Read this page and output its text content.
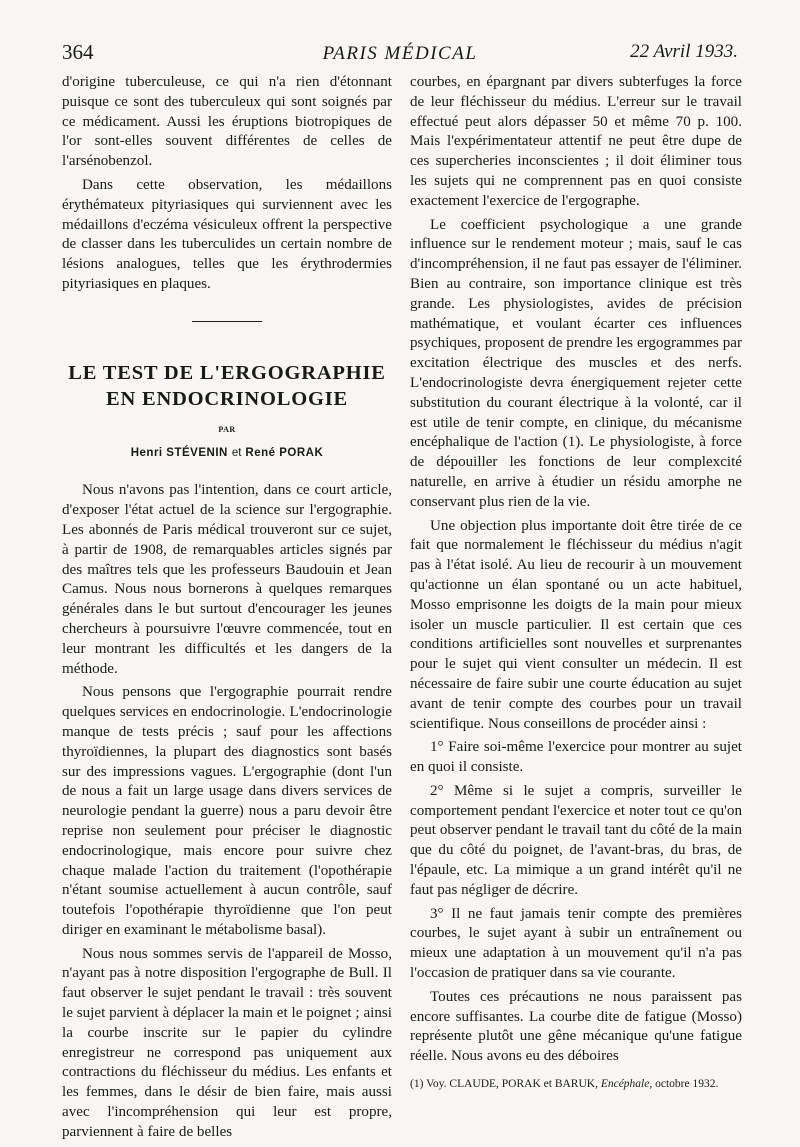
364	PARIS MÉDICAL	22 Avril 1933.

d'origine tuberculeuse, ce qui n'a rien d'étonnant puisque ce sont des tuberculeux qui sont soignés par ce médicament. Aussi les éruptions biotropiques de l'or sont-elles souvent différentes de celles de l'arsénobenzol.

Dans cette observation, les médaillons érythémateux pityriasiques qui surviennent avec les médaillons d'eczéma vésiculeux offrent la perspective de classer dans les tuberculides un certain nombre de lésions analogues, telles que les érythrodermies pityriasiques en plaques.

LE TEST DE L'ERGOGRAPHIE
EN ENDOCRINOLOGIE
PAR
Henri STÉVENIN et René PORAK

Nous n'avons pas l'intention, dans ce court article, d'exposer l'état actuel de la science sur l'ergographie. Les abonnés de Paris médical trouveront sur ce sujet, à partir de 1908, de remarquables articles signés par des maîtres tels que les professeurs Baudouin et Jean Camus. Nous nous bornerons à quelques remarques générales dans le but surtout d'encourager les jeunes chercheurs à poursuivre l'œuvre commencée, tout en leur montrant les difficultés et les dangers de la méthode.

Nous pensons que l'ergographie pourrait rendre quelques services en endocrinologie. L'endocrinologie manque de tests précis ; sauf pour les affections thyroïdiennes, la plupart des diagnostics sont basés sur des impressions vagues. L'ergographie (dont l'un de nous a fait un large usage dans divers services de neurologie pendant la guerre) nous a paru devoir être reprise non seulement pour préciser le diagnostic endocrinologique, mais encore pour suivre chez chaque malade l'action du traitement (l'opothérapie n'étant soumise actuellement à aucun contrôle, sauf toutefois l'opothérapie thyroïdienne que l'on peut diriger en examinant le métabolisme basal).

Nous nous sommes servis de l'appareil de Mosso, n'ayant pas à notre disposition l'ergographe de Bull. Il faut observer le sujet pendant le travail : très souvent le sujet parvient à déplacer la main et le poignet ; ainsi la courbe inscrite sur le papier du cylindre enregistreur ne correspond pas uniquement aux contractions du fléchisseur du médius. Les enfants et les femmes, dans le désir de bien faire, mais aussi avec l'incompréhension qui leur est propre, parviennent à faire de belles

courbes, en épargnant par divers subterfuges la force de leur fléchisseur du médius. L'erreur sur le travail effectué peut alors dépasser 50 et même 70 p. 100. Mais l'expérimentateur attentif ne peut être dupe de ces supercheries inconscientes ; il doit éliminer tous les sujets qui ne comprennent pas en quoi consiste exactement l'exercice de l'ergographe.

Le coefficient psychologique a une grande influence sur le rendement moteur ; mais, sauf le cas d'incompréhension, il ne faut pas essayer de l'éliminer. Bien au contraire, son importance clinique est très grande. Les physiologistes, avides de précision mathématique, et voulant écarter ces influences psychiques, proposent de prendre les ergogrammes par excitation électrique des muscles et des nerfs. L'endocrinologiste devra énergiquement rejeter cette substitution du courant électrique à la volonté, car il est utile de tenir compte, en clinique, du mécanisme encéphalique de l'action (1). Le physiologiste, à force de dépouiller les fonctions de leur complexcité naturelle, en arrive à étudier un résidu amorphe ne conservant plus rien de la vie.

Une objection plus importante doit être tirée de ce fait que normalement le fléchisseur du médius n'agit pas à l'état isolé. Au lieu de recourir à un mouvement qu'actionne un élan spontané ou un acte habituel, Mosso emprisonne les doigts de la main pour mieux isoler un muscle particulier. Il est certain que ces conditions artificielles sont nouvelles et surprenantes pour le sujet qui vient consulter un médecin. Il est nécessaire de faire subir une courte éducation au sujet avant de tenir compte des courbes pour un travail scientifique. Nous conseillons de procéder ainsi :

1° Faire soi-même l'exercice pour montrer au sujet en quoi il consiste.

2° Même si le sujet a compris, surveiller le comportement pendant l'exercice et noter tout ce qu'on peut observer pendant le travail tant du côté de la main que du côté du poignet, de l'avant-bras, du bras, de l'épaule, etc. La mimique a un grand intérêt qu'il ne faut pas négliger de décrire.

3° Il ne faut jamais tenir compte des premières courbes, le sujet ayant à subir un entraînement ou mieux une adaptation à un mouvement qu'il n'a pas l'occasion de pratiquer dans sa vie courante.

Toutes ces précautions ne nous paraissent pas encore suffisantes. La courbe dite de fatigue (Mosso) représente plutôt une gêne mécanique qu'une fatigue réelle. Nous avons eu des déboires

(1) Voy. CLAUDE, PORAK et BARUK, Encéphale, octobre 1932.
